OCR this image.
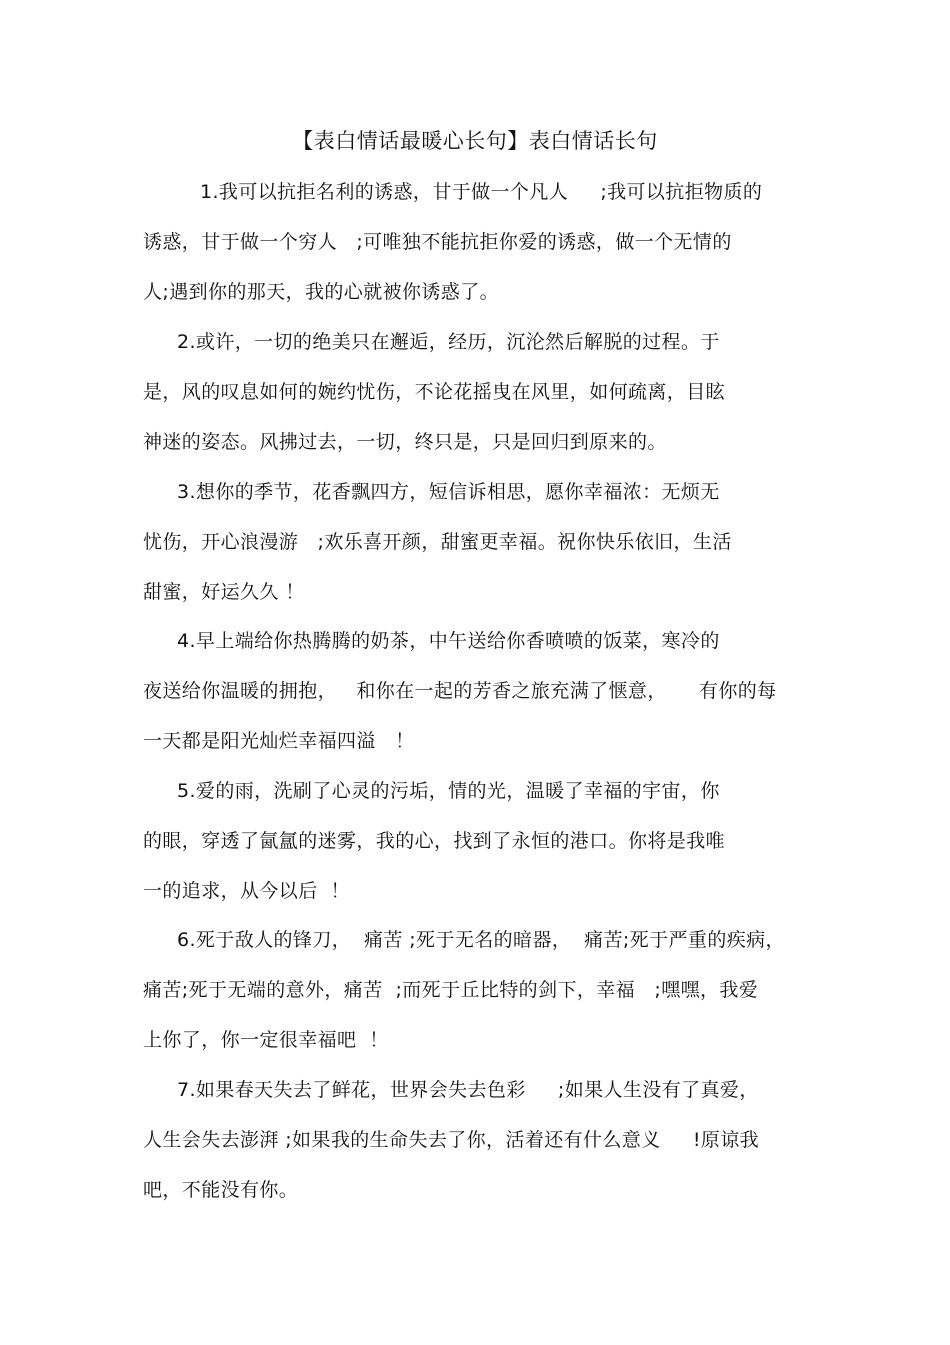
【表白情话最暖心长句】表白情话长句
1.我可以抗拒名利的诱惑，甘于做一个凡人     ;我可以抗拒物质的
诱惑，甘于做一个穷人   ;可唯独不能抗拒你爱的诱惑，做一个无情的
人;遇到你的那天，我的心就被你诱惑了。
2.或许，一切的绝美只在邂逅，经历，沉沦然后解脱的过程。于
是，风的叹息如何的婉约忧伤，不论花摇曳在风里，如何疏离，目眩
神迷的姿态。风拂过去，一切，终只是，只是回归到原来的。
3.想你的季节，花香飘四方，短信诉相思，愿你幸福浓：无烦无
忧伤，开心浪漫游   ;欢乐喜开颜，甜蜜更幸福。祝你快乐依旧，生活
甜蜜，好运久久 ！
4.早上端给你热腾腾的奶茶，中午送给你香喷喷的饭菜，寒冷的
夜送给你温暖的拥抱，   和你在一起的芳香之旅充满了惬意，     有你的每
一天都是阳光灿烂幸福四溢   ！
5.爱的雨，洗刷了心灵的污垢，情的光，温暖了幸福的宇宙，你
的眼，穿透了氤氲的迷雾，我的心，找到了永恒的港口。你将是我唯
一的追求，从今以后  ！
6.死于敌人的锋刀，  痛苦 ;死于无名的暗器，  痛苦;死于严重的疾病，
痛苦;死于无端的意外，痛苦  ;而死于丘比特的剑下，幸福   ;嘿嘿，我爱
上你了，你一定很幸福吧  ！
7.如果春天失去了鲜花，世界会失去色彩     ;如果人生没有了真爱，
人生会失去澎湃 ;如果我的生命失去了你，活着还有什么意义     !原谅我
吧，不能没有你。
